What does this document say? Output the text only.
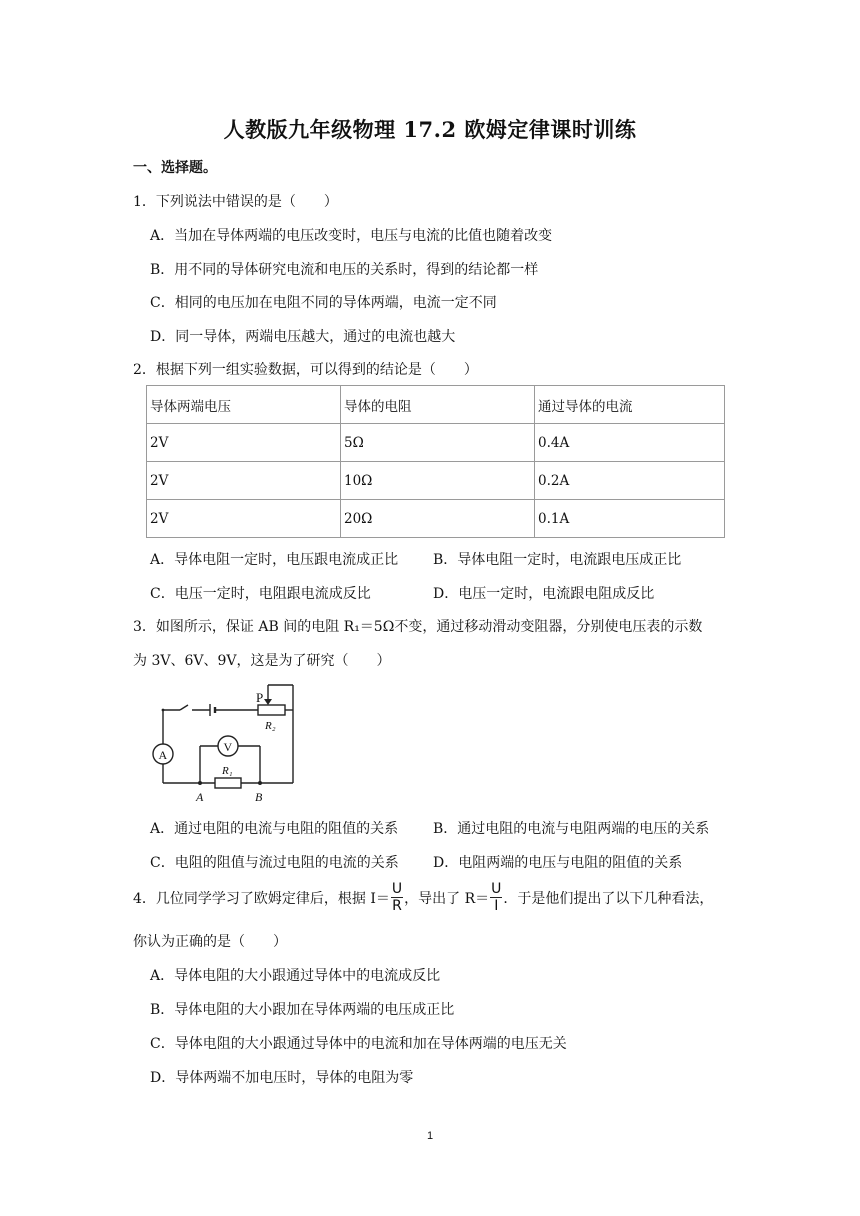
人教版九年级物理 17.2 欧姆定律课时训练
一、选择题。
1．下列说法中错误的是（　　）
A．当加在导体两端的电压改变时，电压与电流的比值也随着改变
B．用不同的导体研究电流和电压的关系时，得到的结论都一样
C．相同的电压加在电阻不同的导体两端，电流一定不同
D．同一导体，两端电压越大，通过的电流也越大
2．根据下列一组实验数据，可以得到的结论是（　　）
导体两端电压	导体的电阻	通过导体的电流
2V	5Ω	0.4A
2V	10Ω	0.2A
2V	20Ω	0.1A
A．导体电阻一定时，电压跟电流成正比 B．导体电阻一定时，电流跟电压成正比
C．电压一定时，电阻跟电流成反比	D．电压一定时，电流跟电阻成反比
3．如图所示，保证 AB 间的电阻 R₁＝5Ω不变，通过移动滑动变阻器，分别使电压表的示数
为 3V、6V、9V，这是为了研究（　　）
P
R₂
A
V
R₁
A	B
A．通过电阻的电流与电阻的阻值的关系 B．通过电阻的电流与电阻两端的电压的关系
C．电阻的阻值与流过电阻的电流的关系 D．电阻两端的电压与电阻的阻值的关系
4．几位同学学习了欧姆定律后，根据 $I= \frac{U}{R}$ ，导出了 $R= \frac{U}{I}$ ．于是他们提出了以下几种看法，
你认为正确的是（　　）
A．导体电阻的大小跟通过导体中的电流成反比
B．导体电阻的大小跟加在导体两端的电压成正比
C．导体电阻的大小跟通过导体中的电流和加在导体两端的电压无关
D．导体两端不加电压时，导体的电阻为零
1
